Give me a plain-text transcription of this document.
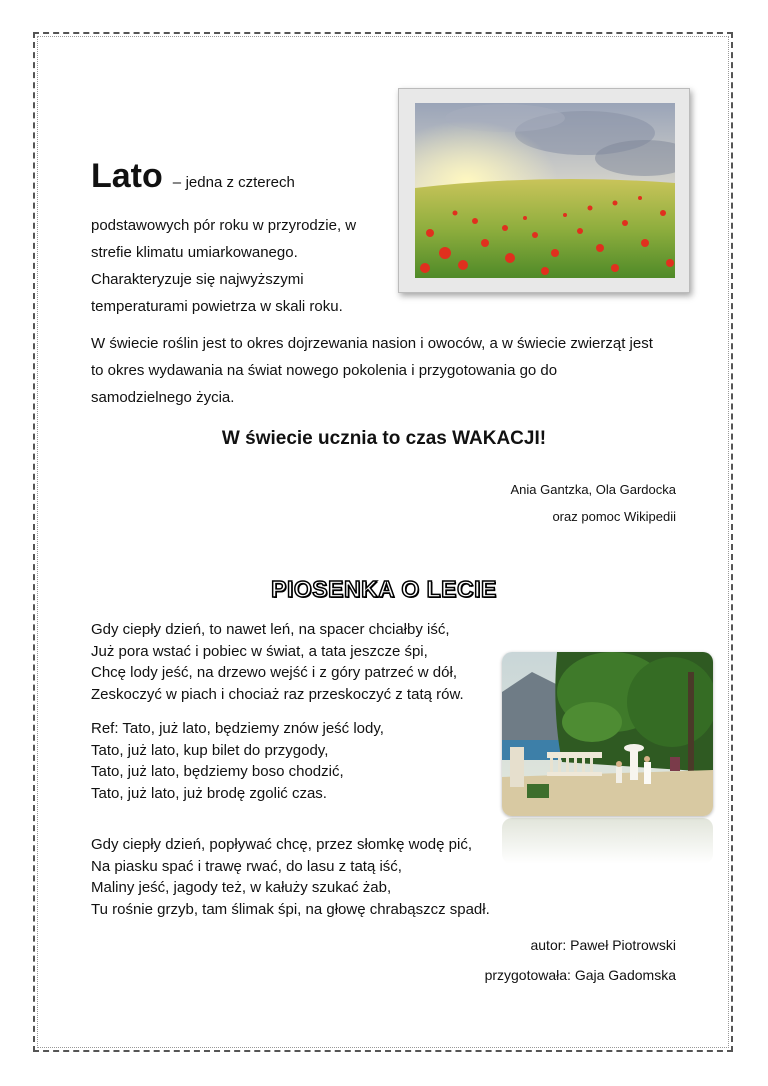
Lato – jedna z czterech
podstawowych pór roku w przyrodzie, w
strefie klimatu umiarkowanego.
Charakteryzuje się najwyższymi
temperaturami powietrza w skali roku.
W świecie roślin jest to okres dojrzewania nasion i owoców, a w świecie zwierząt jest
to okres wydawania na świat nowego pokolenia i przygotowania go do
samodzielnego życia.
W świecie ucznia to czas WAKACJI!
Ania Gantzka, Ola Gardocka
oraz pomoc Wikipedii
PIOSENKA O LECIE
Gdy ciepły dzień, to nawet leń, na spacer chciałby iść,
Już pora wstać i pobiec w świat, a tata jeszcze śpi,
Chcę lody jeść, na drzewo wejść i z góry patrzeć w dół,
Zeskoczyć w piach i chociaż raz przeskoczyć z tatą rów.
Ref: Tato, już lato, będziemy znów jeść lody,
Tato, już lato, kup bilet do przygody,
Tato, już lato, będziemy boso chodzić,
Tato, już lato, już brodę zgolić czas.
Gdy ciepły dzień, popływać chcę, przez słomkę wodę pić,
Na piasku spać i trawę rwać, do lasu z tatą iść,
Maliny jeść, jagody też, w kałuży szukać żab,
Tu rośnie grzyb, tam ślimak śpi, na głowę chrabąszcz spadł.
autor: Paweł Piotrowski
przygotowała: Gaja Gadomska
